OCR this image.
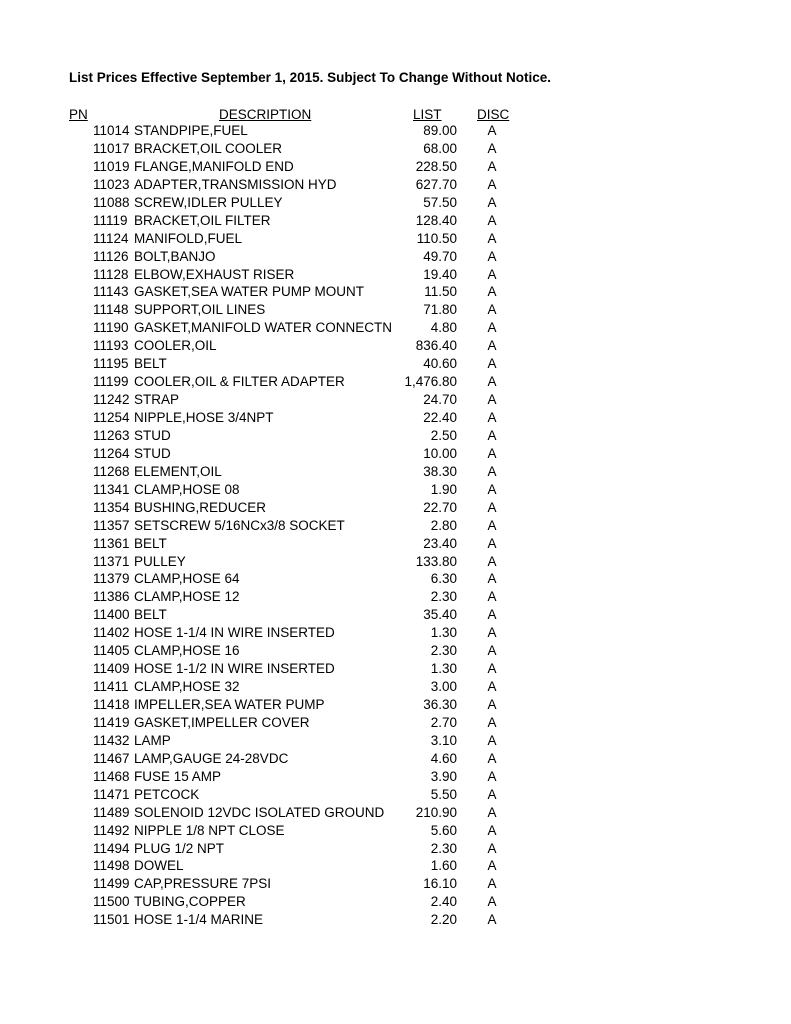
List Prices Effective September 1, 2015. Subject To Change Without Notice.
PN	DESCRIPTION	LIST	DISC
11014 STANDPIPE,FUEL	89.00	A
11017 BRACKET,OIL COOLER	68.00	A
11019 FLANGE,MANIFOLD END	228.50	A
11023 ADAPTER,TRANSMISSION HYD	627.70	A
11088 SCREW,IDLER PULLEY	57.50	A
11119 BRACKET,OIL FILTER	128.40	A
11124 MANIFOLD,FUEL	110.50	A
11126 BOLT,BANJO	49.70	A
11128 ELBOW,EXHAUST RISER	19.40	A
11143 GASKET,SEA WATER PUMP MOUNT	11.50	A
11148 SUPPORT,OIL LINES	71.80	A
11190 GASKET,MANIFOLD WATER CONNECTN	4.80	A
11193 COOLER,OIL	836.40	A
11195 BELT	40.60	A
11199 COOLER,OIL & FILTER ADAPTER	1,476.80	A
11242 STRAP	24.70	A
11254 NIPPLE,HOSE 3/4NPT	22.40	A
11263 STUD	2.50	A
11264 STUD	10.00	A
11268 ELEMENT,OIL	38.30	A
11341 CLAMP,HOSE 08	1.90	A
11354 BUSHING,REDUCER	22.70	A
11357 SETSCREW 5/16NCx3/8 SOCKET	2.80	A
11361 BELT	23.40	A
11371 PULLEY	133.80	A
11379 CLAMP,HOSE 64	6.30	A
11386 CLAMP,HOSE 12	2.30	A
11400 BELT	35.40	A
11402 HOSE 1-1/4 IN WIRE INSERTED	1.30	A
11405 CLAMP,HOSE 16	2.30	A
11409 HOSE 1-1/2 IN WIRE INSERTED	1.30	A
11411 CLAMP,HOSE 32	3.00	A
11418 IMPELLER,SEA WATER PUMP	36.30	A
11419 GASKET,IMPELLER COVER	2.70	A
11432 LAMP	3.10	A
11467 LAMP,GAUGE 24-28VDC	4.60	A
11468 FUSE 15 AMP	3.90	A
11471 PETCOCK	5.50	A
11489 SOLENOID 12VDC ISOLATED GROUND	210.90	A
11492 NIPPLE 1/8 NPT CLOSE	5.60	A
11494 PLUG 1/2 NPT	2.30	A
11498 DOWEL	1.60	A
11499 CAP,PRESSURE 7PSI	16.10	A
11500 TUBING,COPPER	2.40	A
11501 HOSE 1-1/4 MARINE	2.20	A
